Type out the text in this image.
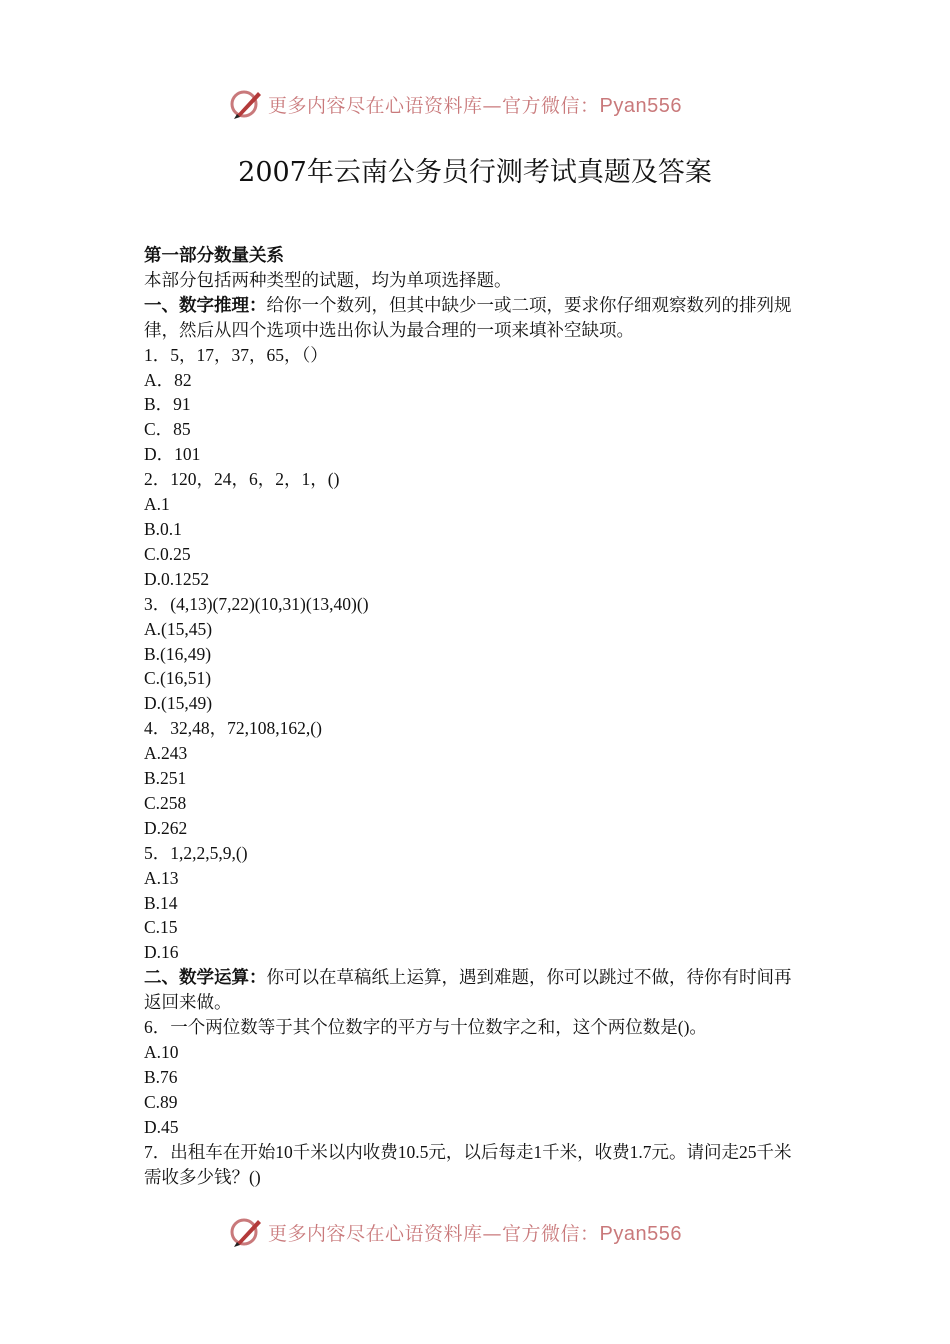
更多内容尽在心语资料库—官方微信：Pyan556
2007年云南公务员行测考试真题及答案

第一部分数量关系

本部分包括两种类型的试题，均为单项选择题。

一、数字推理：给你一个数列，但其中缺少一或二项，要求你仔细观察数列的排列规律，然后从四个选项中选出你认为最合理的一项来填补空缺项。

1．5，17，37，65，（）

A．82

B．91

C．85

D．101

2．120，24，6，2，1，()

A.1

B.0.1

C.0.25

D.0.1252

3．(4,13)(7,22)(10,31)(13,40)()

A.(15,45)

B.(16,49)

C.(16,51)

D.(15,49)

4．32,48，72,108,162,()

A.243

B.251

C.258

D.262

5．1,2,2,5,9,()

A.13

B.14

C.15

D.16

二、数学运算：你可以在草稿纸上运算，遇到难题，你可以跳过不做，待你有时间再返回来做。

6．一个两位数等于其个位数字的平方与十位数字之和，这个两位数是()。

A.10

B.76

C.89

D.45

7．出租车在开始10千米以内收费10.5元，以后每走1千米，收费1.7元。请问走25千米需收多少钱？()

更多内容尽在心语资料库—官方微信：Pyan556
